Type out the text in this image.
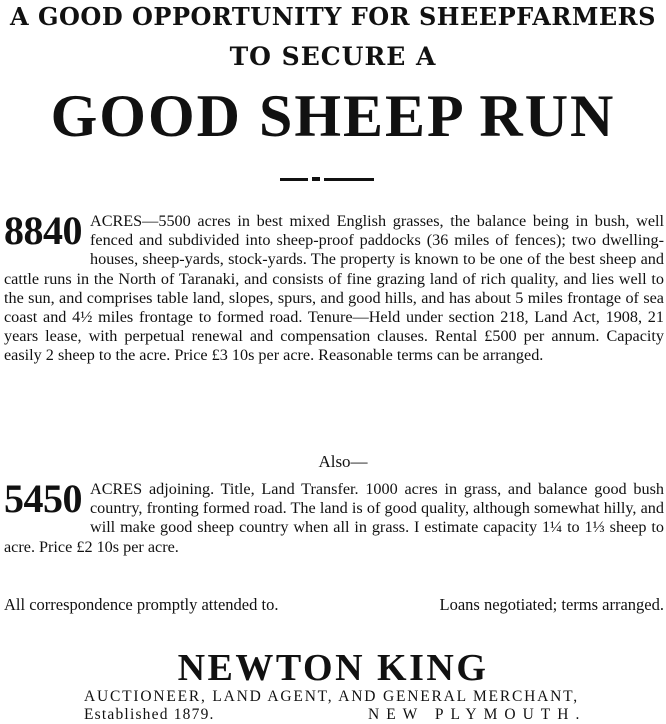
A GOOD OPPORTUNITY FOR SHEEPFARMERS
TO SECURE A
GOOD SHEEP RUN
8840 ACRES—5500 acres in best mixed English grasses, the balance being in bush, well fenced and subdivided into sheep-proof paddocks (36 miles of fences); two dwelling-houses, sheep-yards, stock-yards. The property is known to be one of the best sheep and cattle runs in the North of Taranaki, and consists of fine grazing land of rich quality, and lies well to the sun, and comprises table land, slopes, spurs, and good hills, and has about 5 miles frontage of sea coast and 4½ miles frontage to formed road. Tenure—Held under section 218, Land Act, 1908, 21 years lease, with perpetual renewal and compensation clauses. Rental £500 per annum. Capacity easily 2 sheep to the acre. Price £3 10s per acre. Reasonable terms can be arranged.
Also—
5450 ACRES adjoining. Title, Land Transfer. 1000 acres in grass, and balance good bush country, fronting formed road. The land is of good quality, although somewhat hilly, and will make good sheep country when all in grass. I estimate capacity 1¼ to 1⅓ sheep to acre. Price £2 10s per acre.
All correspondence promptly attended to.	Loans negotiated; terms arranged.
NEWTON KING
AUCTIONEER, LAND AGENT, AND GENERAL MERCHANT,
Established 1879.	NEW PLYMOUTH.
